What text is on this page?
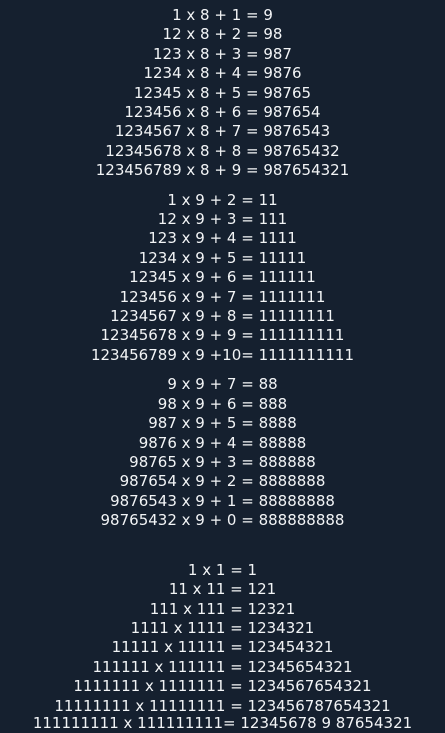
1 x 8 + 1 = 9
12 x 8 + 2 = 98
123 x 8 + 3 = 987
1234 x 8 + 4 = 9876
12345 x 8 + 5 = 98765
123456 x 8 + 6 = 987654
1234567 x 8 + 7 = 9876543
12345678 x 8 + 8 = 98765432
123456789 x 8 + 9 = 987654321
1 x 9 + 2 = 11
12 x 9 + 3 = 111
123 x 9 + 4 = 1111
1234 x 9 + 5 = 11111
12345 x 9 + 6 = 111111
123456 x 9 + 7 = 1111111
1234567 x 9 + 8 = 11111111
12345678 x 9 + 9 = 111111111
123456789 x 9 +10= 1111111111
9 x 9 + 7 = 88
98 x 9 + 6 = 888
987 x 9 + 5 = 8888
9876 x 9 + 4 = 88888
98765 x 9 + 3 = 888888
987654 x 9 + 2 = 8888888
9876543 x 9 + 1 = 88888888
98765432 x 9 + 0 = 888888888
1 x 1 = 1
11 x 11 = 121
111 x 111 = 12321
1111 x 1111 = 1234321
11111 x 11111 = 123454321
111111 x 111111 = 12345654321
1111111 x 1111111 = 1234567654321
11111111 x 11111111 = 123456787654321
111111111 x 111111111= 12345678 9 87654321
